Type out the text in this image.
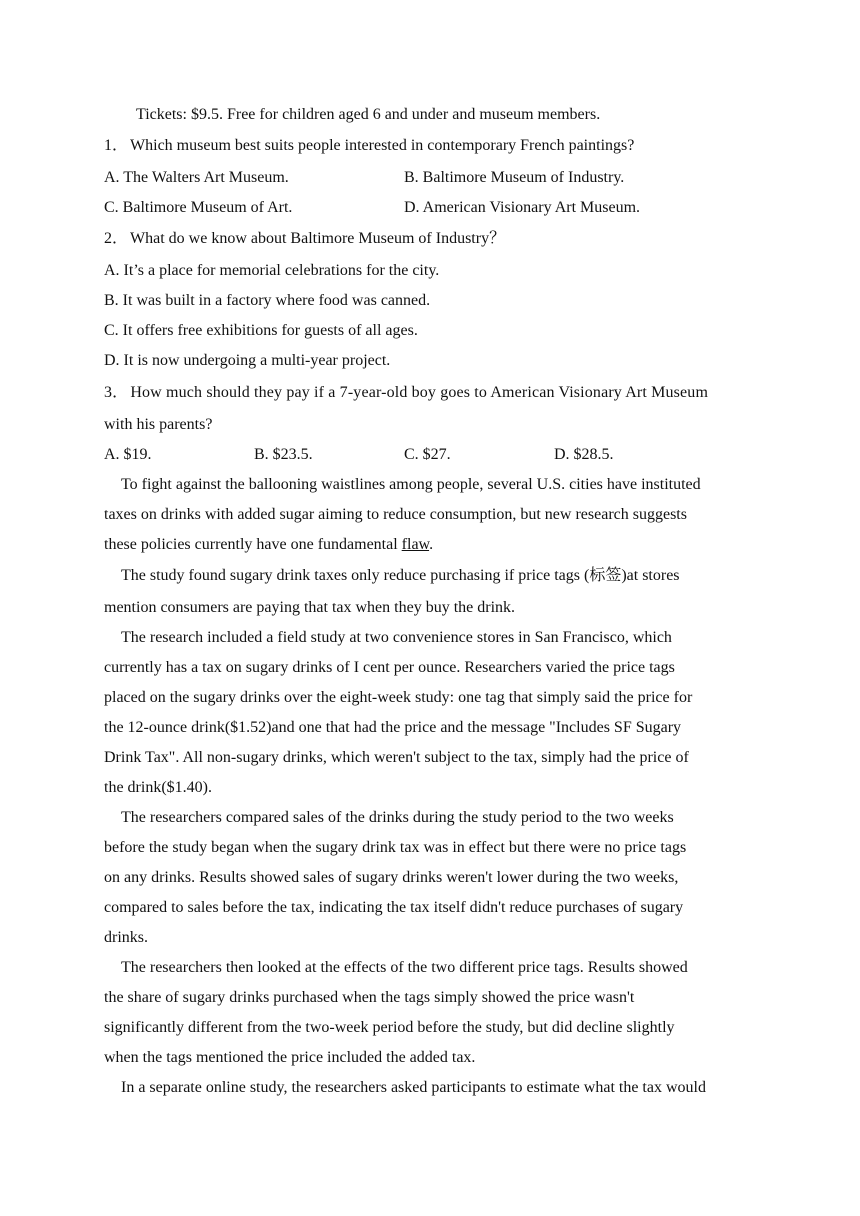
Tickets: $9.5. Free for children aged 6 and under and museum members.
1． Which museum best suits people interested in contemporary French paintings?
A. The Walters Art Museum.	B. Baltimore Museum of Industry.
C. Baltimore Museum of Art.	D. American Visionary Art Museum.
2． What do we know about Baltimore Museum of Industry？
A. It’s a place for memorial celebrations for the city.
B. It was built in a factory where food was canned.
C. It offers free exhibitions for guests of all ages.
D. It is now undergoing a multi-year project.
3． How much should they pay if a 7-year-old boy goes to American Visionary Art Museum
with his parents?
A. $19.	B. $23.5.	C. $27.	D. $28.5.
To fight against the ballooning waistlines among people, several U.S. cities have instituted
taxes on drinks with added sugar aiming to reduce consumption, but new research suggests
these policies currently have one fundamental flaw.
The study found sugary drink taxes only reduce purchasing if price tags (标签)at stores
mention consumers are paying that tax when they buy the drink.
The research included a field study at two convenience stores in San Francisco, which
currently has a tax on sugary drinks of I cent per ounce. Researchers varied the price tags
placed on the sugary drinks over the eight-week study: one tag that simply said the price for
the 12-ounce drink($1.52)and one that had the price and the message "Includes SF Sugary
Drink Tax". All non-sugary drinks, which weren't subject to the tax, simply had the price of
the drink($1.40).
The researchers compared sales of the drinks during the study period to the two weeks
before the study began when the sugary drink tax was in effect but there were no price tags
on any drinks. Results showed sales of sugary drinks weren't lower during the two weeks,
compared to sales before the tax, indicating the tax itself didn't reduce purchases of sugary
drinks.
The researchers then looked at the effects of the two different price tags. Results showed
the share of sugary drinks purchased when the tags simply showed the price wasn't
significantly different from the two-week period before the study, but did decline slightly
when the tags mentioned the price included the added tax.
In a separate online study, the researchers asked participants to estimate what the tax would
